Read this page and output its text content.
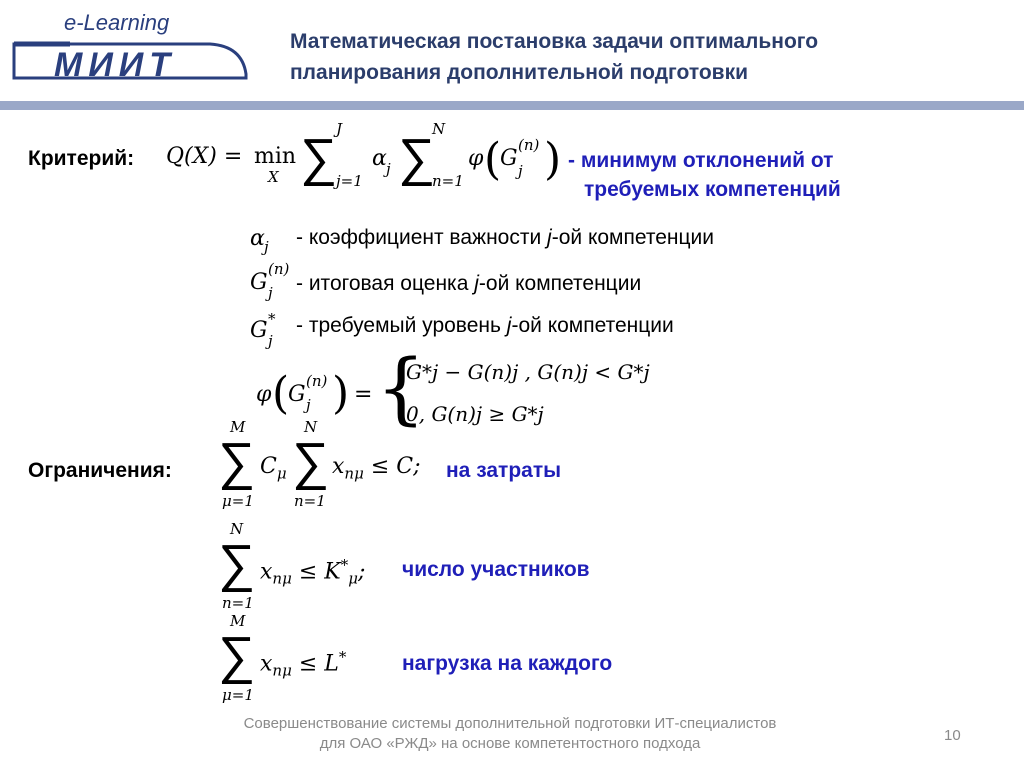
e-Learning
МИИТ
Математическая постановка задачи оптимального
планирования дополнительной подготовки
Критерий: Q(X) = min
X ∑
J
j=1
α j ∑
N
n=1
φ (
G
(n)
j ) - минимум отклонений от
требуемых компетенций
α j - коэффициент важности j-ой компетенции
G
(n)
j - итоговая оценка j-ой компетенции
G *
j
- требуемый уровень j-ой компетенции
φ (
G
(n)
j ) = {
G*j − G(n)j , G(n)j < G*j
0, G(n)j ≥ G*j
Ограничения:
M
∑
μ=1
$C_\mu$
N
∑
n=1
$x_{n\mu} \le C$; на затраты
N
∑
n=1
$x_{n\mu} \le K^*_\mu$; число участников
M
∑
μ=1
$x_{n\mu} \le L^*$	нагрузка на каждого
Совершенствование системы дополнительной подготовки ИТ-специалистов
для ОАО «РЖД» на основе компетентостного подхода	10
